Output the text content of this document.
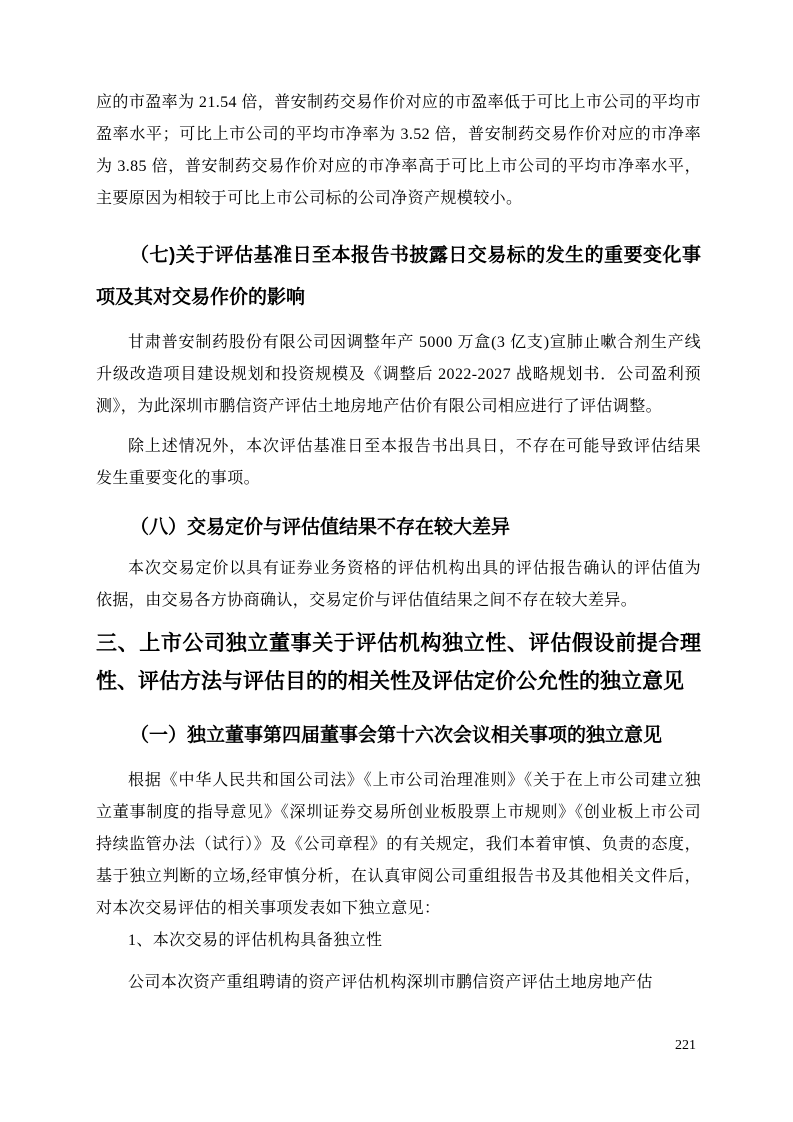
应的市盈率为 21.54 倍，普安制药交易作价对应的市盈率低于可比上市公司的平均市盈率水平；可比上市公司的平均市净率为 3.52 倍，普安制药交易作价对应的市净率为 3.85 倍，普安制药交易作价对应的市净率高于可比上市公司的平均市净率水平，主要原因为相较于可比上市公司标的公司净资产规模较小。

（七)关于评估基准日至本报告书披露日交易标的发生的重要变化事项及其对交易作价的影响

甘肃普安制药股份有限公司因调整年产 5000 万盒(3 亿支)宣肺止嗽合剂生产线升级改造项目建设规划和投资规模及《调整后 2022-2027 战略规划书．公司盈利预测》，为此深圳市鹏信资产评估土地房地产估价有限公司相应进行了评估调整。

除上述情况外，本次评估基准日至本报告书出具日，不存在可能导致评估结果发生重要变化的事项。

（八）交易定价与评估值结果不存在较大差异

本次交易定价以具有证券业务资格的评估机构出具的评估报告确认的评估值为依据，由交易各方协商确认，交易定价与评估值结果之间不存在较大差异。

三、上市公司独立董事关于评估机构独立性、评估假设前提合理性、评估方法与评估目的的相关性及评估定价公允性的独立意见
（一）独立董事第四届董事会第十六次会议相关事项的独立意见

根据《中华人民共和国公司法》《上市公司治理准则》《关于在上市公司建立独立董事制度的指导意见》《深圳证券交易所创业板股票上市规则》《创业板上市公司持续监管办法（试行）》及《公司章程》的有关规定，我们本着审慎、负责的态度，基于独立判断的立场,经审慎分析，在认真审阅公司重组报告书及其他相关文件后，对本次交易评估的相关事项发表如下独立意见：

1、本次交易的评估机构具备独立性

公司本次资产重组聘请的资产评估机构深圳市鹏信资产评估土地房地产估

221
